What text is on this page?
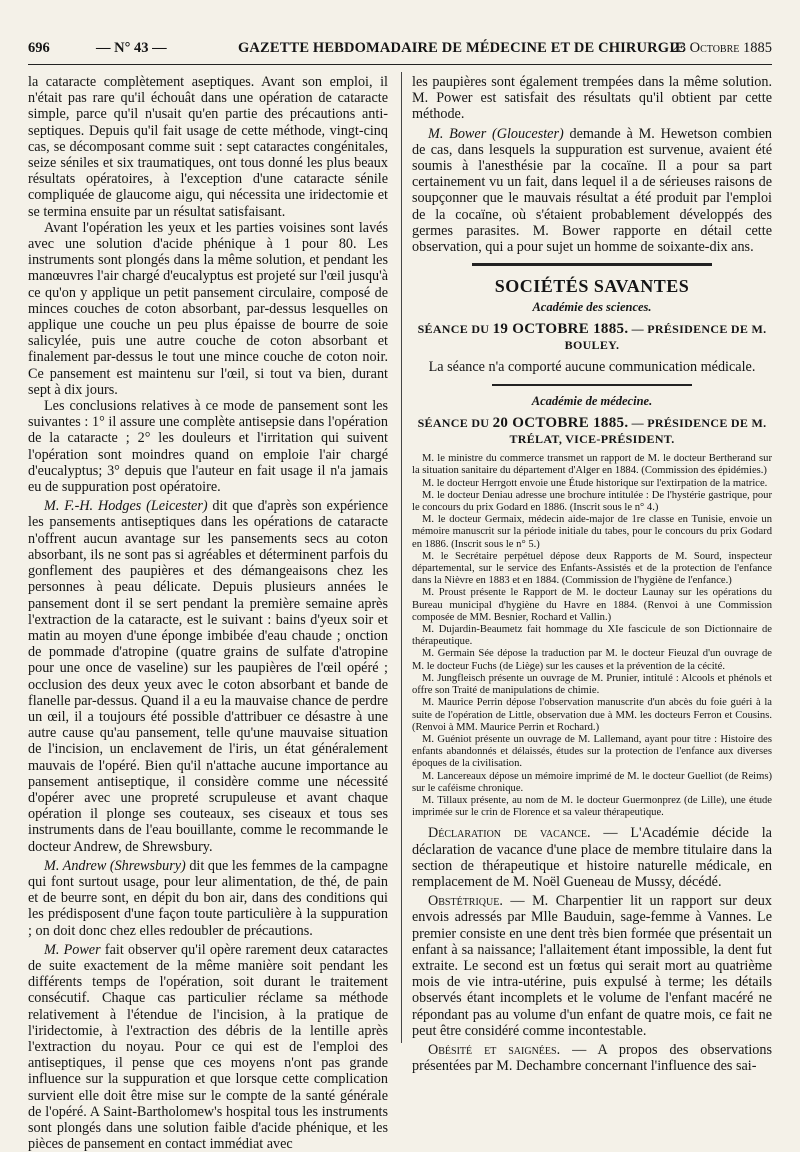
696	— N° 43 —	GAZETTE HEBDOMADAIRE DE MÉDECINE ET DE CHIRURGIE
23 Octobre 1885

la cataracte complètement aseptiques. Avant son emploi, il n'était pas rare qu'il échouât dans une opération de cataracte simple, parce qu'il n'usait qu'en partie des précautions anti- septiques. Depuis qu'il fait usage de cette méthode, vingt-cinq cas, se décomposant comme suit : sept cataractes congénitales, seize séniles et six traumatiques, ont tous donné les plus beaux résultats opératoires, à l'exception d'une cataracte sénile compliquée de glaucome aigu, qui nécessita une iridectomie et se termina ensuite par un résultat satisfaisant.

Avant l'opération les yeux et les parties voisines sont lavés avec une solution d'acide phénique à 1 pour 80. Les instruments sont plongés dans la même solution, et pendant les manœuvres l'air chargé d'eucalyptus est projeté sur l'œil jusqu'à ce qu'on y applique un petit pansement circulaire, composé de minces couches de coton absorbant, par-dessus lesquelles on applique une couche un peu plus épaisse de bourre de soie salicylée, puis une autre couche de coton absorbant et finalement par-dessus le tout une mince couche de coton noir. Ce pansement est maintenu sur l'œil, si tout va bien, durant sept à dix jours.

Les conclusions relatives à ce mode de pansement sont les suivantes : 1° il assure une complète antisepsie dans l'opération de la cataracte ; 2° les douleurs et l'irritation qui suivent l'opération sont moindres quand on emploie l'air chargé d'eucalyptus; 3° depuis que l'auteur en fait usage il n'a jamais eu de suppuration post opératoire.

M. F.-H. Hodges (Leicester) dit que d'après son expérience les pansements antiseptiques dans les opérations de cataracte n'offrent aucun avantage sur les pansements secs au coton absorbant, ils ne sont pas si agréables et déterminent parfois du gonflement des paupières et des démangeaisons chez les personnes à peau délicate. Depuis plusieurs années le pansement dont il se sert pendant la première semaine après l'extraction de la cataracte, est le suivant : bains d'yeux soir et matin au moyen d'une éponge imbibée d'eau chaude ; onction de pommade d'atropine (quatre grains de sulfate d'atropine pour une once de vaseline) sur les paupières de l'œil opéré ; occlusion des deux yeux avec le coton absorbant et bande de flanelle par-dessus. Quand il a eu la mauvaise chance de perdre un œil, il a toujours été possible d'attribuer ce désastre à une autre cause qu'au pansement, telle qu'une mauvaise situation de l'incision, un enclavement de l'iris, un état généralement mauvais de l'opéré. Bien qu'il n'attache aucune importance au pansement antiseptique, il considère comme une nécessité d'opérer avec une propreté scrupuleuse et avant chaque opération il plonge ses couteaux, ses ciseaux et tous ses instruments dans de l'eau bouillante, comme le recommande le docteur Andrew, de Shrewsbury.

M. Andrew (Shrewsbury) dit que les femmes de la campagne qui font surtout usage, pour leur alimentation, de thé, de pain et de beurre sont, en dépit du bon air, dans des conditions qui les prédisposent d'une façon toute particulière à la suppuration ; on doit donc chez elles redoubler de précautions.

M. Power fait observer qu'il opère rarement deux cataractes de suite exactement de la même manière soit pendant les différents temps de l'opération, soit durant le traitement consécutif. Chaque cas particulier réclame sa méthode relativement à l'étendue de l'incision, à la pratique de l'iridectomie, à l'extraction des débris de la lentille après l'extraction du noyau. Pour ce qui est de l'emploi des antiseptiques, il pense que ces moyens n'ont pas grande influence sur la suppuration et que lorsque cette complication survient elle doit être mise sur le compte de la santé générale de l'opéré. A Saint-Bartholomew's hospital tous les instruments sont plongés dans une solution faible d'acide phénique, et les pièces de pansement en contact immédiat avec

les paupières sont également trempées dans la même solution. M. Power est satisfait des résultats qu'il obtient par cette méthode.

M. Bower (Gloucester) demande à M. Hewetson combien de cas, dans lesquels la suppuration est survenue, avaient été soumis à l'anesthésie par la cocaïne. Il a pour sa part certainement vu un fait, dans lequel il a de sérieuses raisons de soupçonner que le mauvais résultat a été produit par l'emploi de la cocaïne, où s'étaient probablement développés des germes parasites. M. Bower rapporte en détail cette observation, qui a pour sujet un homme de soixante-dix ans.

SOCIÉTÉS SAVANTES
Académie des sciences.
SÉANCE DU 19 OCTOBRE 1885. — PRÉSIDENCE DE M. BOULEY.
La séance n'a comporté aucune communication médicale.
Académie de médecine.
SÉANCE DU 20 OCTOBRE 1885. — PRÉSIDENCE DE M. TRÉLAT, VICE-PRÉSIDENT.

M. le ministre du commerce transmet un rapport de M. le docteur Bertherand sur la situation sanitaire du département d'Alger en 1884. (Commission des épidémies.)

M. le docteur Herrgott envoie une Étude historique sur l'extirpation de la matrice.

M. le docteur Deniau adresse une brochure intitulée : De l'hystérie gastrique, pour le concours du prix Godard en 1886. (Inscrit sous le n° 4.)

M. le docteur Germaix, médecin aide-major de 1re classe en Tunisie, envoie un mémoire manuscrit sur la période initiale du tabes, pour le concours du prix Godard en 1886. (Inscrit sous le n° 5.)

M. le Secrétaire perpétuel dépose deux Rapports de M. Sourd, inspecteur départemental, sur le service des Enfants-Assistés et de la protection de l'enfance dans la Nièvre en 1883 et en 1884. (Commission de l'hygiène de l'enfance.)

M. Proust présente le Rapport de M. le docteur Launay sur les opérations du Bureau municipal d'hygiène du Havre en 1884. (Renvoi à une Commission composée de MM. Besnier, Rochard et Vallin.)

M. Dujardin-Beaumetz fait hommage du XIe fascicule de son Dictionnaire de thérapeutique.

M. Germain Sée dépose la traduction par M. le docteur Fieuzal d'un ouvrage de M. le docteur Fuchs (de Liège) sur les causes et la prévention de la cécité.

M. Jungfleisch présente un ouvrage de M. Prunier, intitulé : Alcools et phénols et offre son Traité de manipulations de chimie.

M. Maurice Perrin dépose l'observation manuscrite d'un abcès du foie guéri à la suite de l'opération de Little, observation due à MM. les docteurs Ferron et Cousins. (Renvoi à MM. Maurice Perrin et Rochard.)

M. Guéniot présente un ouvrage de M. Lallemand, ayant pour titre : Histoire des enfants abandonnés et délaissés, études sur la protection de l'enfance aux diverses époques de la civilisation.

M. Lancereaux dépose un mémoire imprimé de M. le docteur Guelliot (de Reims) sur le caféisme chronique.

M. Tillaux présente, au nom de M. le docteur Guermonprez (de Lille), une étude imprimée sur le crin de Florence et sa valeur thérapeutique.

Déclaration de vacance. — L'Académie décide la déclaration de vacance d'une place de membre titulaire dans la section de thérapeutique et histoire naturelle médicale, en remplacement de M. Noël Gueneau de Mussy, décédé.

Obstétrique. — M. Charpentier lit un rapport sur deux envois adressés par Mlle Bauduin, sage-femme à Vannes. Le premier consiste en une dent très bien formée que présentait un enfant à sa naissance; l'allaitement étant impossible, la dent fut extraite. Le second est un fœtus qui serait mort au quatrième mois de vie intra-utérine, puis expulsé à terme; les détails observés étant incomplets et le volume de l'enfant macéré ne répondant pas au volume d'un enfant de quatre mois, ce fait ne peut être considéré comme incontestable.

Obésité et saignées. — A propos des observations présentées par M. Dechambre concernant l'influence des sai-
